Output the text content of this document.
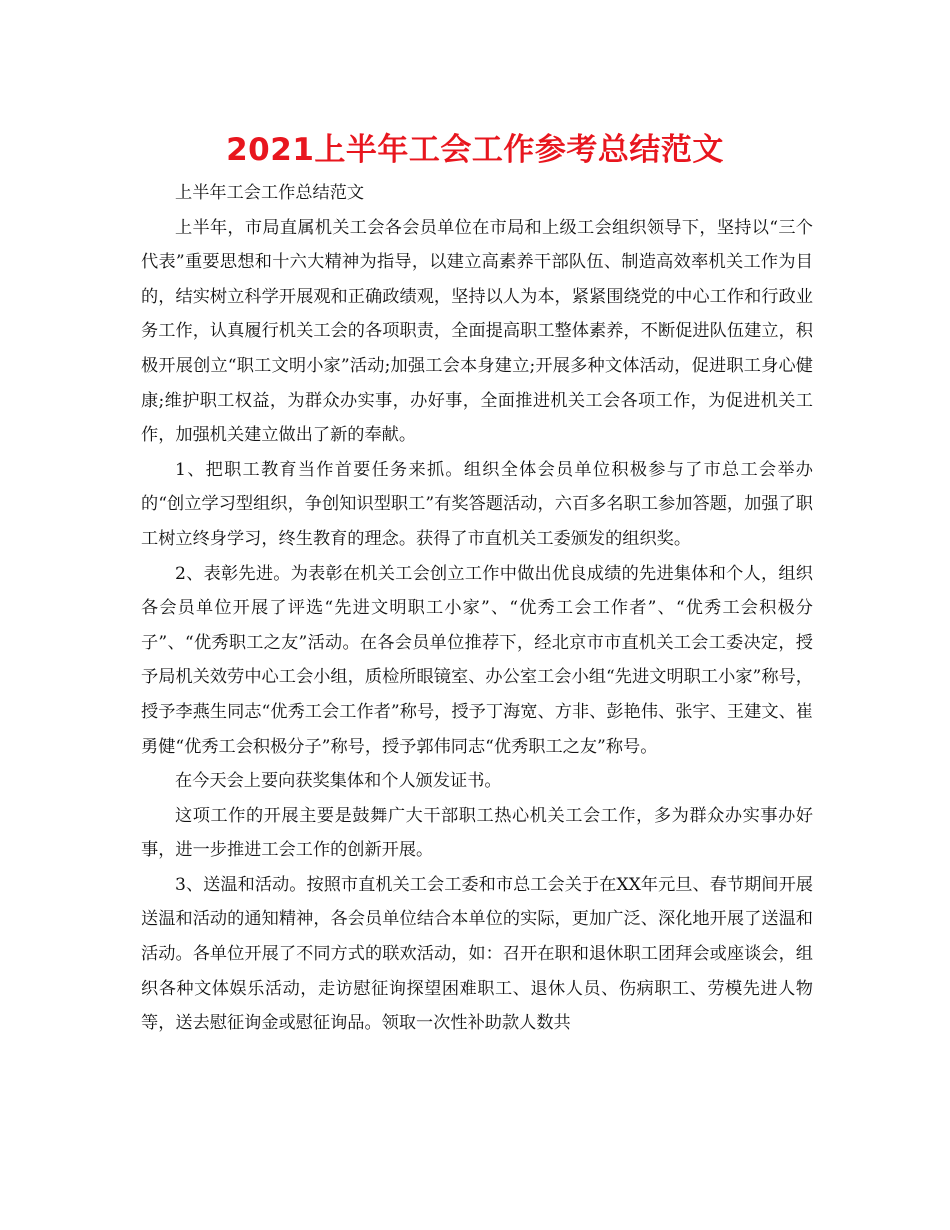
2021上半年工会工作参考总结范文

上半年工会工作总结范文

上半年，市局直属机关工会各会员单位在市局和上级工会组织领导下，坚持以“三个代表”重要思想和十六大精神为指导，以建立高素养干部队伍、制造高效率机关工作为目的，结实树立科学开展观和正确政绩观，坚持以人为本，紧紧围绕党的中心工作和行政业务工作，认真履行机关工会的各项职责，全面提高职工整体素养，不断促进队伍建立，积极开展创立“职工文明小家”活动;加强工会本身建立;开展多种文体活动，促进职工身心健康;维护职工权益，为群众办实事，办好事，全面推进机关工会各项工作，为促进机关工作，加强机关建立做出了新的奉献。

1、把职工教育当作首要任务来抓。组织全体会员单位积极参与了市总工会举办的“创立学习型组织，争创知识型职工”有奖答题活动，六百多名职工参加答题，加强了职工树立终身学习，终生教育的理念。获得了市直机关工委颁发的组织奖。

2、表彰先进。为表彰在机关工会创立工作中做出优良成绩的先进集体和个人，组织各会员单位开展了评选“先进文明职工小家”、“优秀工会工作者”、“优秀工会积极分子”、“优秀职工之友”活动。在各会员单位推荐下，经北京市市直机关工会工委决定，授予局机关效劳中心工会小组，质检所眼镜室、办公室工会小组“先进文明职工小家”称号，授予李燕生同志“优秀工会工作者”称号，授予丁海宽、方非、彭艳伟、张宇、王建文、崔勇健“优秀工会积极分子”称号，授予郭伟同志“优秀职工之友”称号。

在今天会上要向获奖集体和个人颁发证书。

这项工作的开展主要是鼓舞广大干部职工热心机关工会工作，多为群众办实事办好事，进一步推进工会工作的创新开展。

3、送温和活动。按照市直机关工会工委和市总工会关于在XX年元旦、春节期间开展送温和活动的通知精神，各会员单位结合本单位的实际，更加广泛、深化地开展了送温和活动。各单位开展了不同方式的联欢活动，如：召开在职和退休职工团拜会或座谈会，组织各种文体娱乐活动，走访慰征询探望困难职工、退休人员、伤病职工、劳模先进人物等，送去慰征询金或慰征询品。领取一次性补助款人数共
